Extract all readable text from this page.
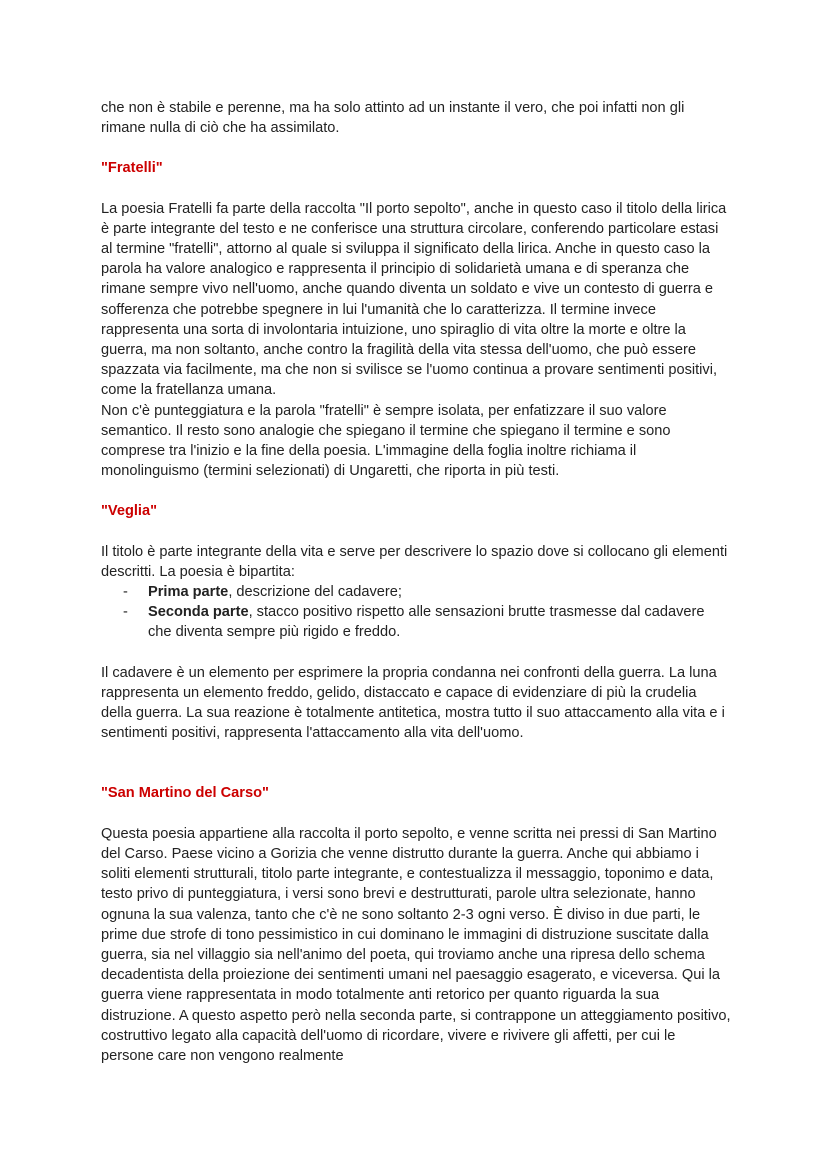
che non è stabile e perenne, ma ha solo attinto ad un instante il vero, che poi infatti non gli rimane nulla di ciò che ha assimilato.

"Fratelli"

La poesia Fratelli fa parte della raccolta "Il porto sepolto", anche in questo caso il titolo della lirica è parte integrante del testo e ne conferisce una struttura circolare, conferendo particolare estasi al termine "fratelli", attorno al quale si sviluppa il significato della lirica. Anche in questo caso la parola ha valore analogico e rappresenta il principio di solidarietà umana e di speranza che rimane sempre vivo nell'uomo, anche quando diventa un soldato e vive un contesto di guerra e sofferenza che potrebbe spegnere in lui l'umanità che lo caratterizza. Il termine invece rappresenta una sorta di involontaria intuizione, uno spiraglio di vita oltre la morte e oltre la guerra, ma non soltanto, anche contro la fragilità della vita stessa dell'uomo, che può essere spazzata via facilmente, ma che non si svilisce se l'uomo continua a provare sentimenti positivi, come la fratellanza umana.

Non c'è punteggiatura e la parola "fratelli" è sempre isolata, per enfatizzare il suo valore semantico. Il resto sono analogie che spiegano il termine che spiegano il termine e sono comprese tra l'inizio e la fine della poesia. L'immagine della foglia inoltre richiama il monolinguismo (termini selezionati) di Ungaretti, che riporta in più testi.

"Veglia"

Il titolo è parte integrante della vita e serve per descrivere lo spazio dove si collocano gli elementi descritti. La poesia è bipartita:

- Prima parte, descrizione del cadavere;
- Seconda parte, stacco positivo rispetto alle sensazioni brutte trasmesse dal cadavere che diventa sempre più rigido e freddo.

Il cadavere è un elemento per esprimere la propria condanna nei confronti della guerra. La luna rappresenta un elemento freddo, gelido, distaccato e capace di evidenziare di più la crudelia della guerra. La sua reazione è totalmente antitetica, mostra tutto il suo attaccamento alla vita e i sentimenti positivi, rappresenta l'attaccamento alla vita dell'uomo.

"San Martino del Carso"

Questa poesia appartiene alla raccolta il porto sepolto, e venne scritta nei pressi di San Martino del Carso. Paese vicino a Gorizia che venne distrutto durante la guerra. Anche qui abbiamo i soliti elementi strutturali, titolo parte integrante, e contestualizza il messaggio, toponimo e data, testo privo di punteggiatura, i versi sono brevi e destrutturati, parole ultra selezionate, hanno ognuna la sua valenza, tanto che c'è ne sono soltanto 2-3 ogni verso. È diviso in due parti, le prime due strofe di tono pessimistico in cui dominano le immagini di distruzione suscitate dalla guerra, sia nel villaggio sia nell'animo del poeta, qui troviamo anche una ripresa dello schema decadentista della proiezione dei sentimenti umani nel paesaggio esagerato, e viceversa. Qui la guerra viene rappresentata in modo totalmente anti retorico per quanto riguarda la sua distruzione. A questo aspetto però nella seconda parte, si contrappone un atteggiamento positivo, costruttivo legato alla capacità dell'uomo di ricordare, vivere e rivivere gli affetti, per cui le persone care non vengono realmente
